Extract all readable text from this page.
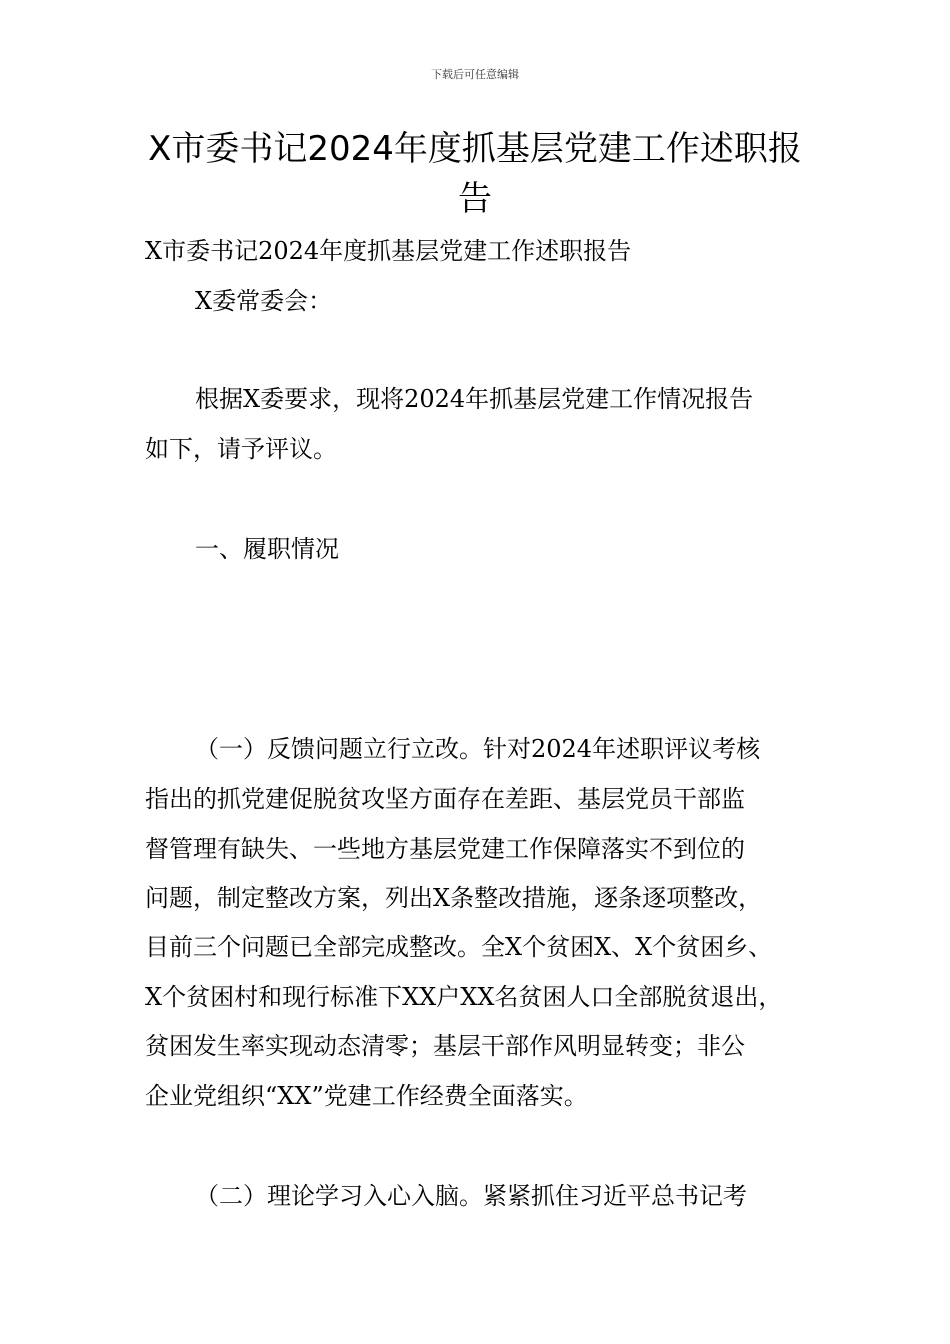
下载后可任意编辑
X市委书记2024年度抓基层党建工作述职报告
X市委书记2024年度抓基层党建工作述职报告
X委常委会：
根据X委要求，现将2024年抓基层党建工作情况报告
如下，请予评议。
一、履职情况
（一）反馈问题立行立改。针对2024年述职评议考核
指出的抓党建促脱贫攻坚方面存在差距、基层党员干部监
督管理有缺失、一些地方基层党建工作保障落实不到位的
问题，制定整改方案，列出X条整改措施，逐条逐项整改，
目前三个问题已全部完成整改。全X个贫困X、X个贫困乡、
X个贫困村和现行标准下XX户XX名贫困人口全部脱贫退出，
贫困发生率实现动态清零；基层干部作风明显转变；非公
企业党组织“XX”党建工作经费全面落实。
（二）理论学习入心入脑。紧紧抓住习近平总书记考
